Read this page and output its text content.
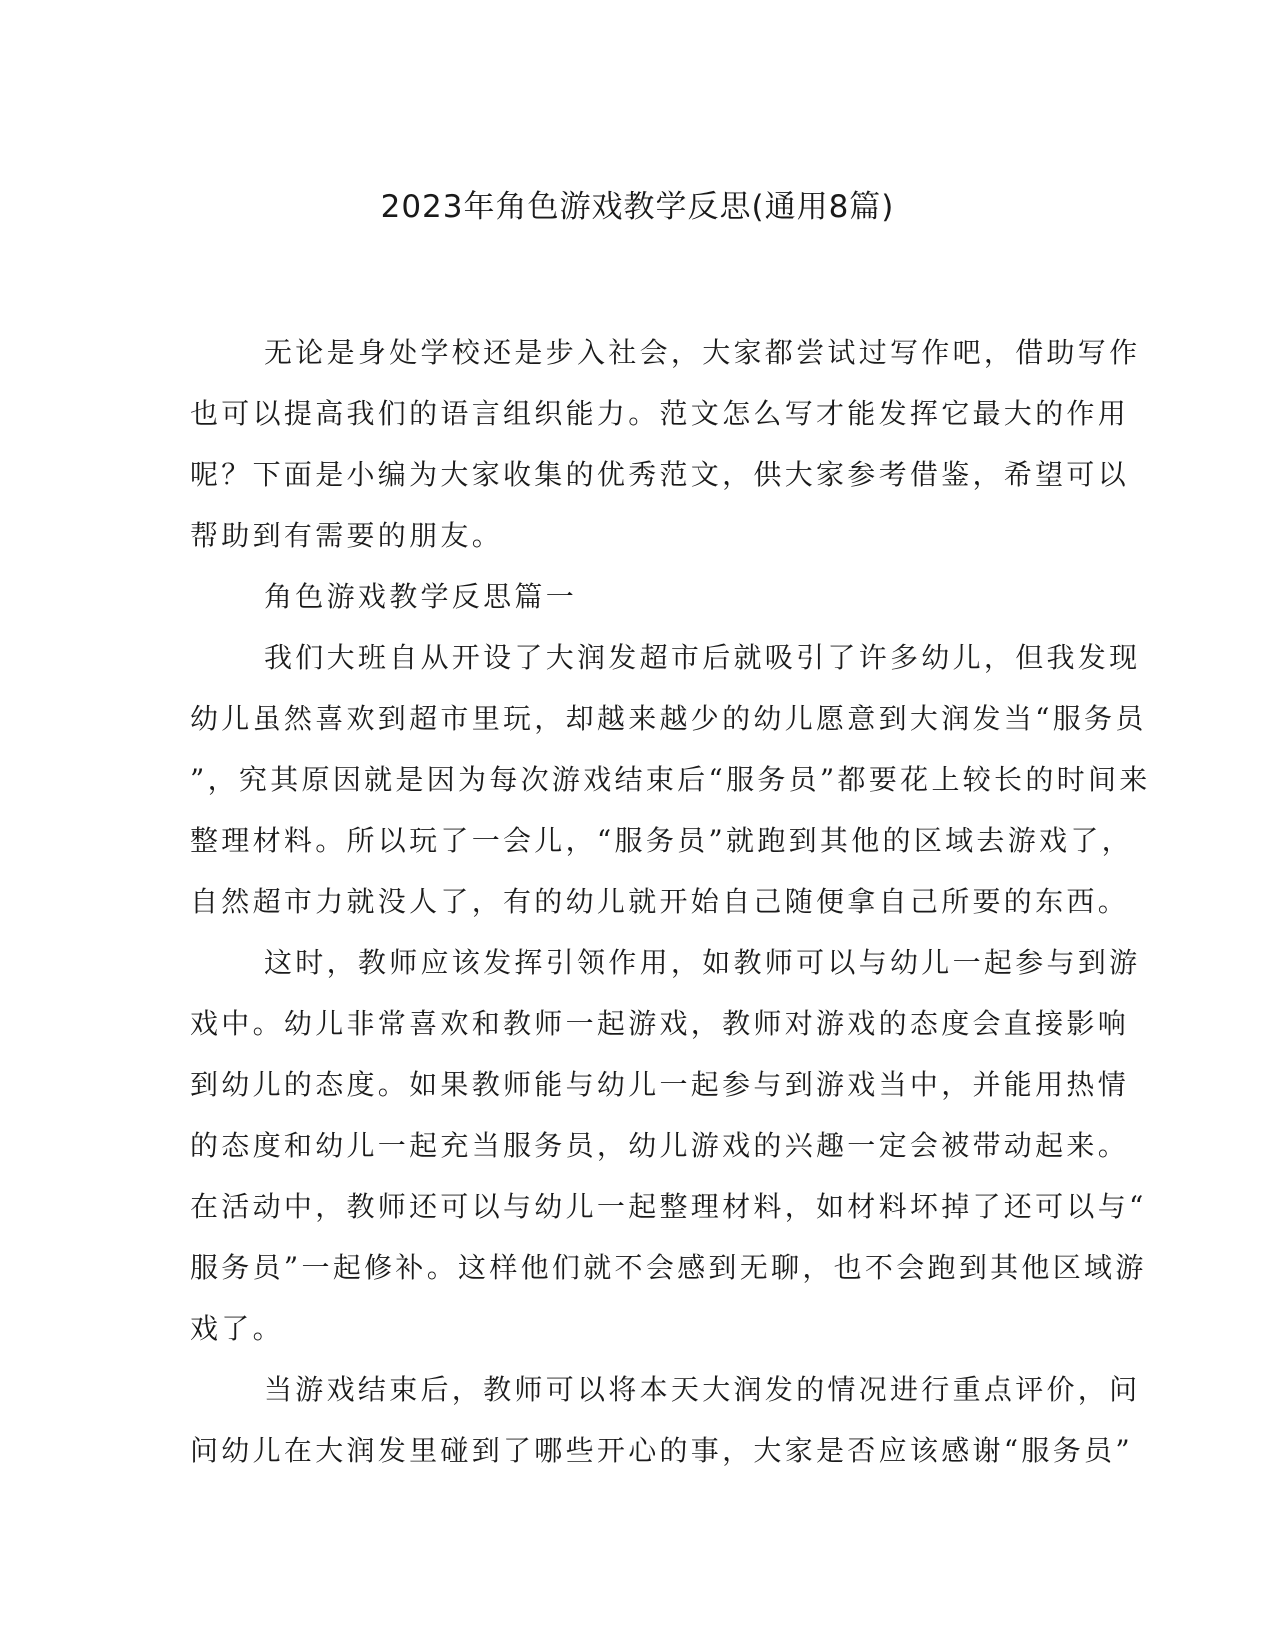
2023年角色游戏教学反思(通用8篇)
无论是身处学校还是步入社会，大家都尝试过写作吧，借助写作
也可以提高我们的语言组织能力。范文怎么写才能发挥它最大的作用
呢？下面是小编为大家收集的优秀范文，供大家参考借鉴，希望可以
帮助到有需要的朋友。
角色游戏教学反思篇一
我们大班自从开设了大润发超市后就吸引了许多幼儿，但我发现
幼儿虽然喜欢到超市里玩，却越来越少的幼儿愿意到大润发当“服务员
”，究其原因就是因为每次游戏结束后“服务员”都要花上较长的时间来
整理材料。所以玩了一会儿，“服务员”就跑到其他的区域去游戏了，
自然超市力就没人了，有的幼儿就开始自己随便拿自己所要的东西。
这时，教师应该发挥引领作用，如教师可以与幼儿一起参与到游
戏中。幼儿非常喜欢和教师一起游戏，教师对游戏的态度会直接影响
到幼儿的态度。如果教师能与幼儿一起参与到游戏当中，并能用热情
的态度和幼儿一起充当服务员，幼儿游戏的兴趣一定会被带动起来。
在活动中，教师还可以与幼儿一起整理材料，如材料坏掉了还可以与“
服务员”一起修补。这样他们就不会感到无聊，也不会跑到其他区域游
戏了。
当游戏结束后，教师可以将本天大润发的情况进行重点评价，问
问幼儿在大润发里碰到了哪些开心的事，大家是否应该感谢“服务员”
